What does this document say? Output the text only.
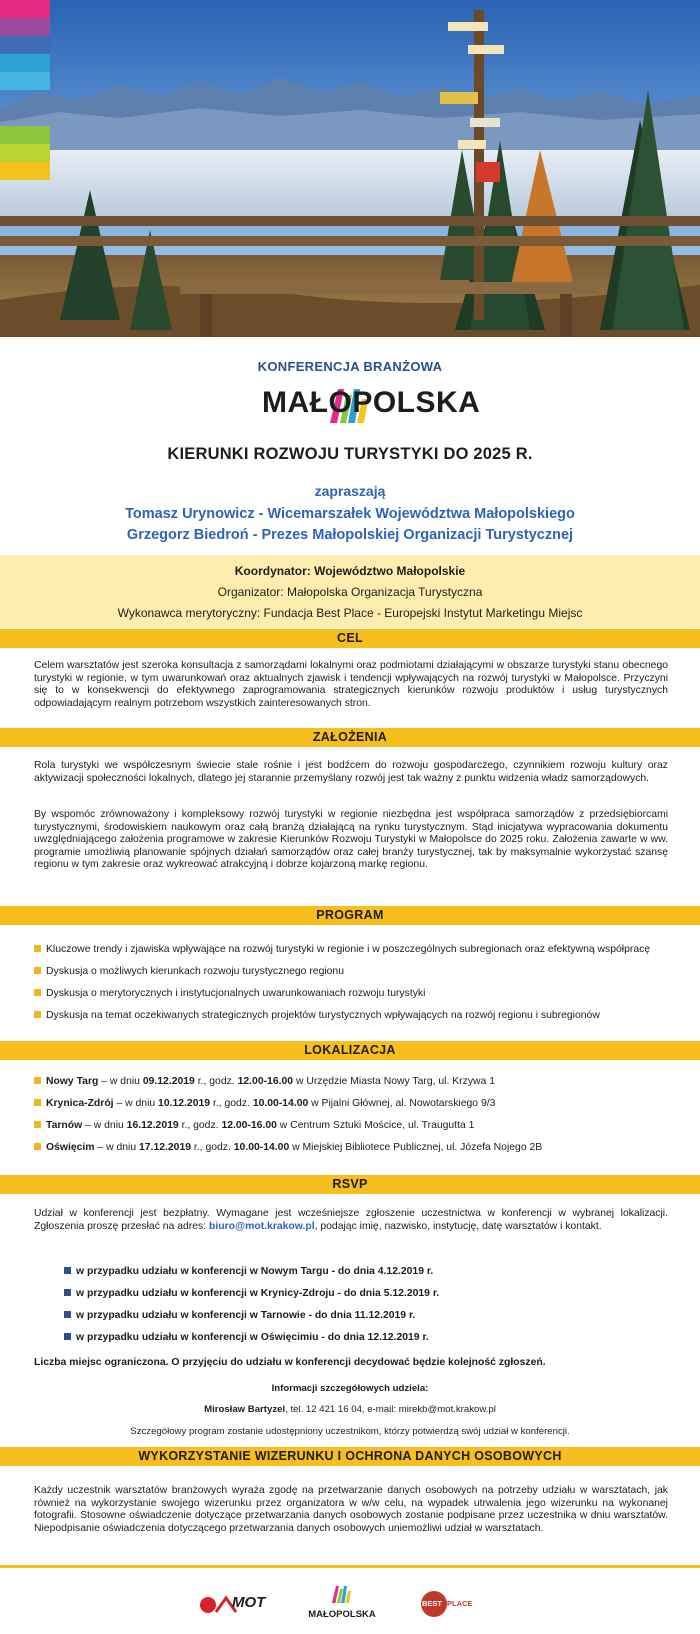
KONFERENCJA BRANŻOWA
MAŁOPOLSKA
KIERUNKI ROZWOJU TURYSTYKI DO 2025 R.
zapraszają
Tomasz Urynowicz - Wicemarszałek Województwa Małopolskiego
Grzegorz Biedroń - Prezes Małopolskiej Organizacji Turystycznej
Koordynator: Województwo Małopolskie
Organizator: Małopolska Organizacja Turystyczna
Wykonawca merytoryczny: Fundacja Best Place - Europejski Instytut Marketingu Miejsc
CEL
Celem warsztatów jest szeroka konsultacja z samorządami lokalnymi oraz podmiotami działającymi w obszarze turystyki stanu obecnego turystyki w regionie, w tym uwarunkowań oraz aktualnych zjawisk i tendencji wpływających na rozwój turystyki w Małopolsce. Przyczyni się to w konsekwencji do efektywnego zaprogramowania strategicznych kierunków rozwoju produktów i usług turystycznych odpowiadającym realnym potrzebom wszystkich zainteresowanych stron.
ZAŁOŻENIA
Rola turystyki we współczesnym świecie stale rośnie i jest bodźcem do rozwoju gospodarczego, czynnikiem rozwoju kultury oraz aktywizacji społeczności lokalnych, dlatego jej starannie przemyślany rozwój jest tak ważny z punktu widzenia władz samorządowych.
By wspomóc zrównoważony i kompleksowy rozwój turystyki w regionie niezbędna jest współpraca samorządów z przedsiębiorcami turystycznymi, środowiskiem naukowym oraz całą branżą działającą na rynku turystycznym. Stąd inicjatywa wypracowania dokumentu uwzględniającego założenia programowe w zakresie Kierunków Rozwoju Turystyki w Małopolsce do 2025 roku. Założenia zawarte w ww. programie umożliwią planowanie spójnych działań samorządów oraz całej branży turystycznej, tak by maksymalnie wykorzystać szansę regionu w tym zakresie oraz wykreować atrakcyjną i dobrze kojarzoną markę regionu.
PROGRAM
Kluczowe trendy i zjawiska wpływające na rozwój turystyki w regionie i w poszczególnych subregionach oraz efektywną współpracę
Dyskusja o możliwych kierunkach rozwoju turystycznego regionu
Dyskusja o merytorycznych i instytucjonalnych uwarunkowaniach rozwoju turystyki
Dyskusja na temat oczekiwanych strategicznych projektów turystycznych wpływających na rozwój regionu i subregionów
LOKALIZACJA
Nowy Targ – w dniu 09.12.2019 r., godz. 12.00-16.00 w Urzędzie Miasta Nowy Targ, ul. Krzywa 1
Krynica-Zdrój – w dniu 10.12.2019 r., godz. 10.00-14.00 w Pijalni Głównej, al. Nowotarskiego 9/3
Tarnów – w dniu 16.12.2019 r., godz. 12.00-16.00 w Centrum Sztuki Mościce, ul. Traugutta 1
Oświęcim – w dniu 17.12.2019 r., godz. 10.00-14.00 w Miejskiej Bibliotece Publicznej, ul. Józefa Nojego 2B
RSVP
Udział w konferencji jest bezpłatny. Wymagane jest wcześniejsze zgłoszenie uczestnictwa w konferencji w wybranej lokalizacji. Zgłoszenia proszę przesłać na adres: biuro@mot.krakow.pl, podając imię, nazwisko, instytucję, datę warsztatów i kontakt.
w przypadku udziału w konferencji w Nowym Targu - do dnia 4.12.2019 r.
w przypadku udziału w konferencji w Krynicy-Zdroju - do dnia 5.12.2019 r.
w przypadku udziału w konferencji w Tarnowie - do dnia 11.12.2019 r.
w przypadku udziału w konferencji w Oświęcimiu - do dnia 12.12.2019 r.
Liczba miejsc ograniczona. O przyjęciu do udziału w konferencji decydować będzie kolejność zgłoszeń.
Informacji szczegółowych udziela:
Mirosław Bartyzel, tel. 12 421 16 04, e-mail: mirekb@mot.krakow.pl
Szczegółowy program zostanie udostępniony uczestnikom, którzy potwierdzą swój udział w konferencji.
WYKORZYSTANIE WIZERUNKU I OCHRONA DANYCH OSOBOWYCH
Każdy uczestnik warsztatów branżowych wyraża zgodę na przetwarzanie danych osobowych na potrzeby udziału w warsztatach, jak również na wykorzystanie swojego wizerunku przez organizatora w w/w celu, na wypadek utrwalenia jego wizerunku na wykonanej fotografii. Stosowne oświadczenie dotyczące przetwarzania danych osobowych zostanie podpisane przez uczestnika w dniu warsztatów. Niepodpisanie oświadczenia dotyczącego przetwarzania danych osobowych uniemożliwi udział w warsztatach.
MOT
MAŁOPOLSKA
BEST PLACE
